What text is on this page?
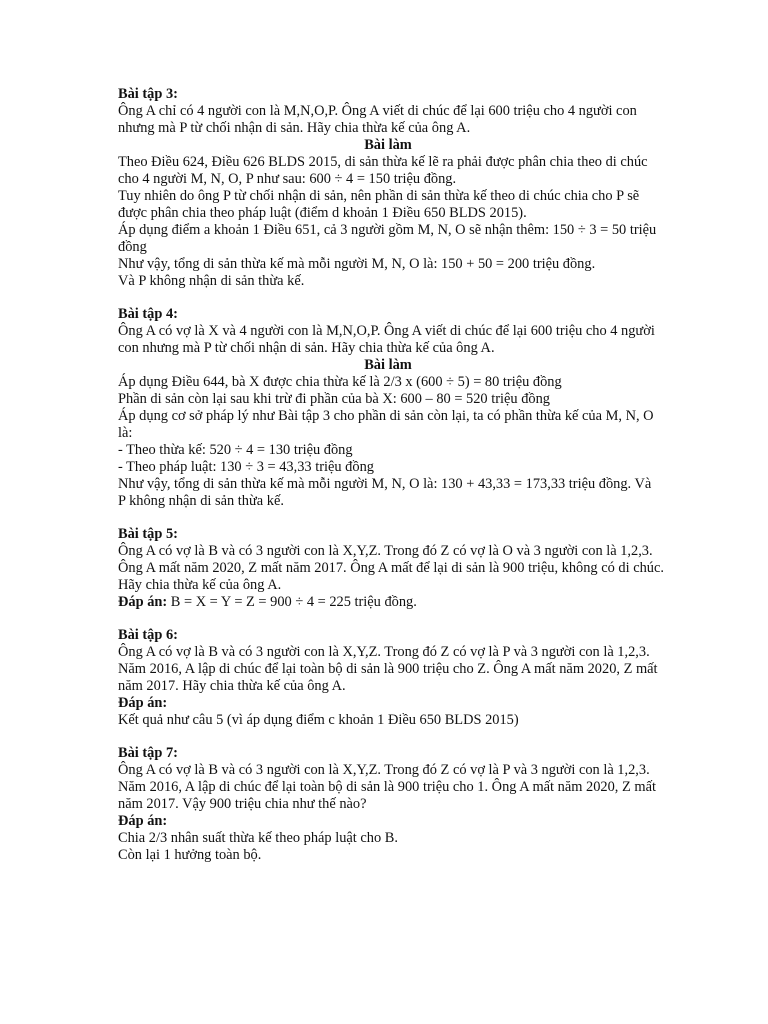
Bài tập 3:
Ông A chỉ có 4 người con là M,N,O,P. Ông A viết di chúc để lại 600 triệu cho 4 người con
nhưng mà P từ chối nhận di sản. Hãy chia thừa kế của ông A.
Bài làm
Theo Điều 624, Điều 626 BLDS 2015, di sản thừa kế lẽ ra phải được phân chia theo di chúc
cho 4 người M, N, O, P như sau: 600 ÷ 4 = 150 triệu đồng.
Tuy nhiên do ông P từ chối nhận di sản, nên phần di sản thừa kế theo di chúc chia cho P sẽ
được phân chia theo pháp luật (điểm d khoản 1 Điều 650 BLDS 2015).
Áp dụng điểm a khoản 1 Điều 651, cả 3 người gồm M, N, O sẽ nhận thêm: 150 ÷ 3 = 50 triệu
đồng
Như vậy, tổng di sản thừa kế mà mỗi người M, N, O là: 150 + 50 = 200 triệu đồng.
Và P không nhận di sản thừa kế.
Bài tập 4:
Ông A có vợ là X và 4 người con là M,N,O,P. Ông A viết di chúc để lại 600 triệu cho 4 người
con nhưng mà P từ chối nhận di sản. Hãy chia thừa kế của ông A.
Bài làm
Áp dụng Điều 644, bà X được chia thừa kế là 2/3 x (600 ÷ 5) = 80 triệu đồng
Phần di sản còn lại sau khi trừ đi phần của bà X: 600 – 80 = 520 triệu đồng
Áp dụng cơ sở pháp lý như Bài tập 3 cho phần di sản còn lại, ta có phần thừa kế của M, N, O
là:
- Theo thừa kế: 520 ÷ 4 = 130 triệu đồng
- Theo pháp luật: 130 ÷ 3 = 43,33 triệu đồng
Như vậy, tổng di sản thừa kế mà mỗi người M, N, O là: 130 + 43,33 = 173,33 triệu đồng. Và
P không nhận di sản thừa kế.
Bài tập 5:
Ông A có vợ là B và có 3 người con là X,Y,Z. Trong đó Z có vợ là O và 3 người con là 1,2,3.
Ông A mất năm 2020, Z mất năm 2017. Ông A mất để lại di sản là 900 triệu, không có di chúc.
Hãy chia thừa kế của ông A.
Đáp án: B = X = Y = Z = 900 ÷ 4 = 225 triệu đồng.
Bài tập 6:
Ông A có vợ là B và có 3 người con là X,Y,Z. Trong đó Z có vợ là P và 3 người con là 1,2,3.
Năm 2016, A lập di chúc để lại toàn bộ di sản là 900 triệu cho Z. Ông A mất năm 2020, Z mất
năm 2017. Hãy chia thừa kế của ông A.
Đáp án:
Kết quả như câu 5 (vì áp dụng điểm c khoản 1 Điều 650 BLDS 2015)
Bài tập 7:
Ông A có vợ là B và có 3 người con là X,Y,Z. Trong đó Z có vợ là P và 3 người con là 1,2,3.
Năm 2016, A lập di chúc để lại toàn bộ di sản là 900 triệu cho 1. Ông A mất năm 2020, Z mất
năm 2017. Vậy 900 triệu chia như thế nào?
Đáp án:
Chia 2/3 nhân suất thừa kế theo pháp luật cho B.
Còn lại 1 hưởng toàn bộ.
